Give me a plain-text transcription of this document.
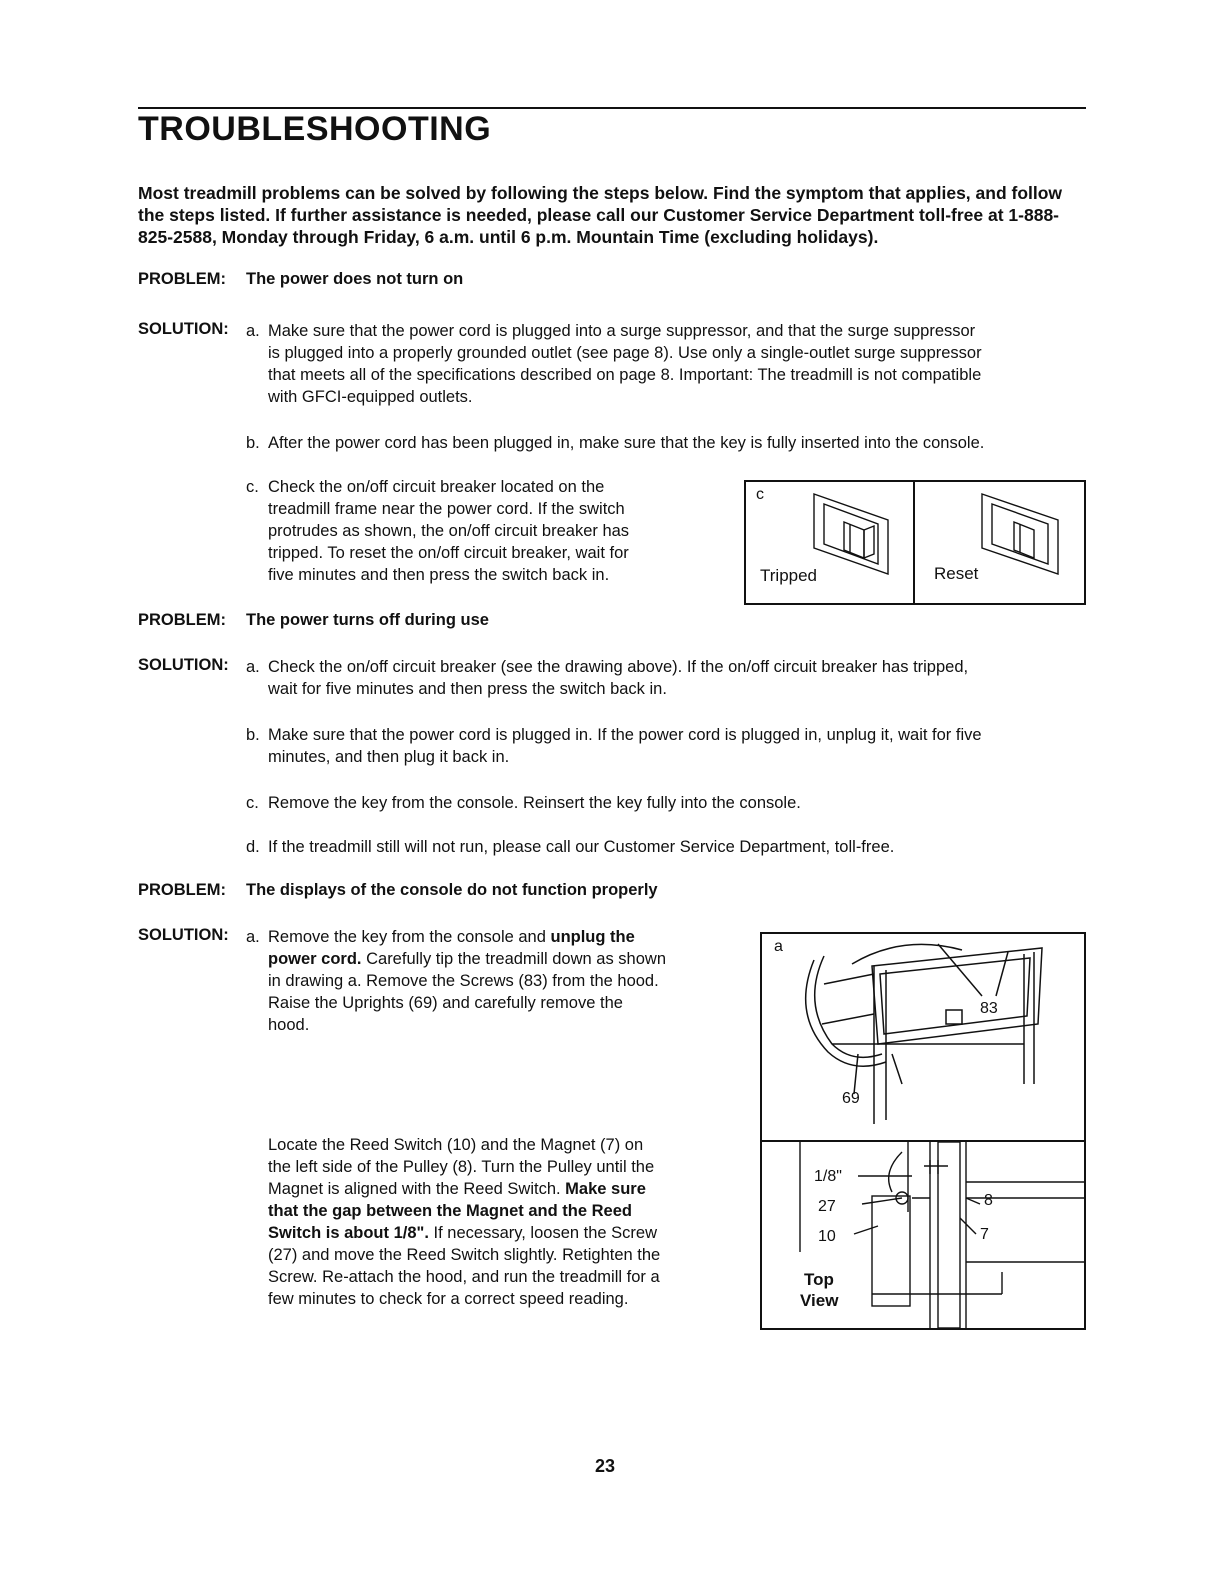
TROUBLESHOOTING
Most treadmill problems can be solved by following the steps below. Find the symptom that applies, and follow the steps listed. If further assistance is needed, please call our Customer Service Department toll-free at 1-888-825-2588, Monday through Friday, 6 a.m. until 6 p.m. Mountain Time (excluding holidays).
PROBLEM: The power does not turn on
SOLUTION: a. Make sure that the power cord is plugged into a surge suppressor, and that the surge suppressor
is plugged into a properly grounded outlet (see page 8). Use only a single-outlet surge suppressor
that meets all of the specifications described on page 8. Important: The treadmill is not compatible
with GFCI-equipped outlets.
b. After the power cord has been plugged in, make sure that the key is fully inserted into the console.
c. Check the on/off circuit breaker located on the
treadmill frame near the power cord. If the switch
protrudes as shown, the on/off circuit breaker has
tripped. To reset the on/off circuit breaker, wait for
five minutes and then press the switch back in.
c
Tripped	Reset
PROBLEM: The power turns off during use
SOLUTION: a. Check the on/off circuit breaker (see the drawing above). If the on/off circuit breaker has tripped,
wait for five minutes and then press the switch back in.
b. Make sure that the power cord is plugged in. If the power cord is plugged in, unplug it, wait for five
minutes, and then plug it back in.
c. Remove the key from the console. Reinsert the key fully into the console.
d. If the treadmill still will not run, please call our Customer Service Department, toll-free.
PROBLEM: The displays of the console do not function properly
SOLUTION: a. Remove the key from the console and unplug the
power cord. Carefully tip the treadmill down as shown
in drawing a. Remove the Screws (83) from the hood.
Raise the Uprights (69) and carefully remove the
hood.
Locate the Reed Switch (10) and the Magnet (7) on
the left side of the Pulley (8). Turn the Pulley until the
Magnet is aligned with the Reed Switch. Make sure
that the gap between the Magnet and the Reed
Switch is about 1/8". If necessary, loosen the Screw
(27) and move the Reed Switch slightly. Retighten the
Screw. Re-attach the hood, and run the treadmill for a
few minutes to check for a correct speed reading.
a
83
69
1/8"
27
10
8
7
Top
View
23
